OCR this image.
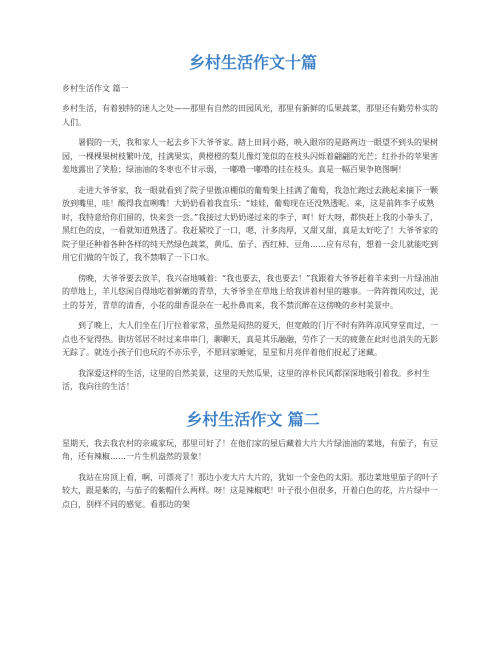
乡村生活作文十篇
乡村生活作文 篇一

乡村生活，有着独特的迷人之处——那里有自然的田园风光，那里有新鲜的瓜果蔬菜，那里还有勤劳朴实的人们。

暑假的一天，我和家人一起去乡下大爷爷家。踏上田间小路，映入眼帘的是路两边一眼望不到头的果树园，一棵棵果树枝繁叶茂，挂满果实，黄橙橙的梨儿像灯笼似的在枝头闪烁着翩翩的光芒；红扑扑的苹果害羞地露出了笑脸；绿油油的冬枣也不甘示弱，一嘟噜一嘟噜的挂在枝头。真是一幅百果争艳图啊！

走进大爷爷家，我一眼就看到了院子里傲凉棚似的葡萄架上挂满了葡萄，我急忙跑过去跳起来摘下一颗放到嘴里，哇！酸得我直咧嘴！大奶奶看着我直乐：“娃娃，葡萄现在还没熟透呢。来，这是前阵李子成熟时，我特意给你们留的，快来尝一尝。”我接过大奶奶递过来的李子，呵！好大呀，都快赶上我的小拳头了，黑红色的皮，一看就知道熟透了。我赶紧咬了一口，嗯，汁多肉厚，又甜又甜，真是太好吃了！大爷爷家的院子里还种着各种各样的纯天然绿色蔬菜，黄瓜、茄子、西红柿、豆角……应有尽有，想着一会儿就能吃到用它们做的午饭了，我不禁咽了一下口水。

傍晚，大爷爷要去放羊，我兴奋地喊着：“我也要去，我也要去！”我跟着大爷爷赶着羊来到一片绿油油的草地上，羊儿悠闲自得地吃着鲜嫩的青草，大爷爷坐在草地上给我讲着村里的趣事。一阵阵微风吹过，泥土的芬芳，青草的清香，小花的甜香混杂在一起扑鼻而来，我不禁沉醉在这傍晚的乡村美景中。

到了晚上，大人们坐在门厅拉着家常，虽然是闷热的夏天，但宽敞的门厅不时有阵阵凉风穿堂而过，一点也不觉得热。街坊邻居不时过来串串门，聊聊天，真是其乐融融，劳作了一天的疲惫在此时也消失的无影无踪了。就连小孩子们也玩的不亦乐乎，不愿回家睡觉，星星和月亮伴着他们捉起了迷藏。

我深爱这样的生活，这里的自然美景，这里的天然瓜果，这里的淳朴民风都深深地吸引着我。乡村生活，我向往的生活！

乡村生活作文 篇二

星期天，我去我农村的亲戚家玩，那里可好了！在他们家的屋后藏着大片大片绿油油的菜地，有茄子，有豆角，还有辣椒……一片生机盎然的景象！

我站在房顶上看，啊，可漂亮了！那边小麦大片大片的，犹如一个金色的太阳。那边菜地里茄子的叶子较大，跟是紫的，与茄子的紫帽什么两样。呀！这是辣椒吧！叶子很小但很多，开着白色的花，片片绿中一点白，别样不同的感觉。看那边的架
